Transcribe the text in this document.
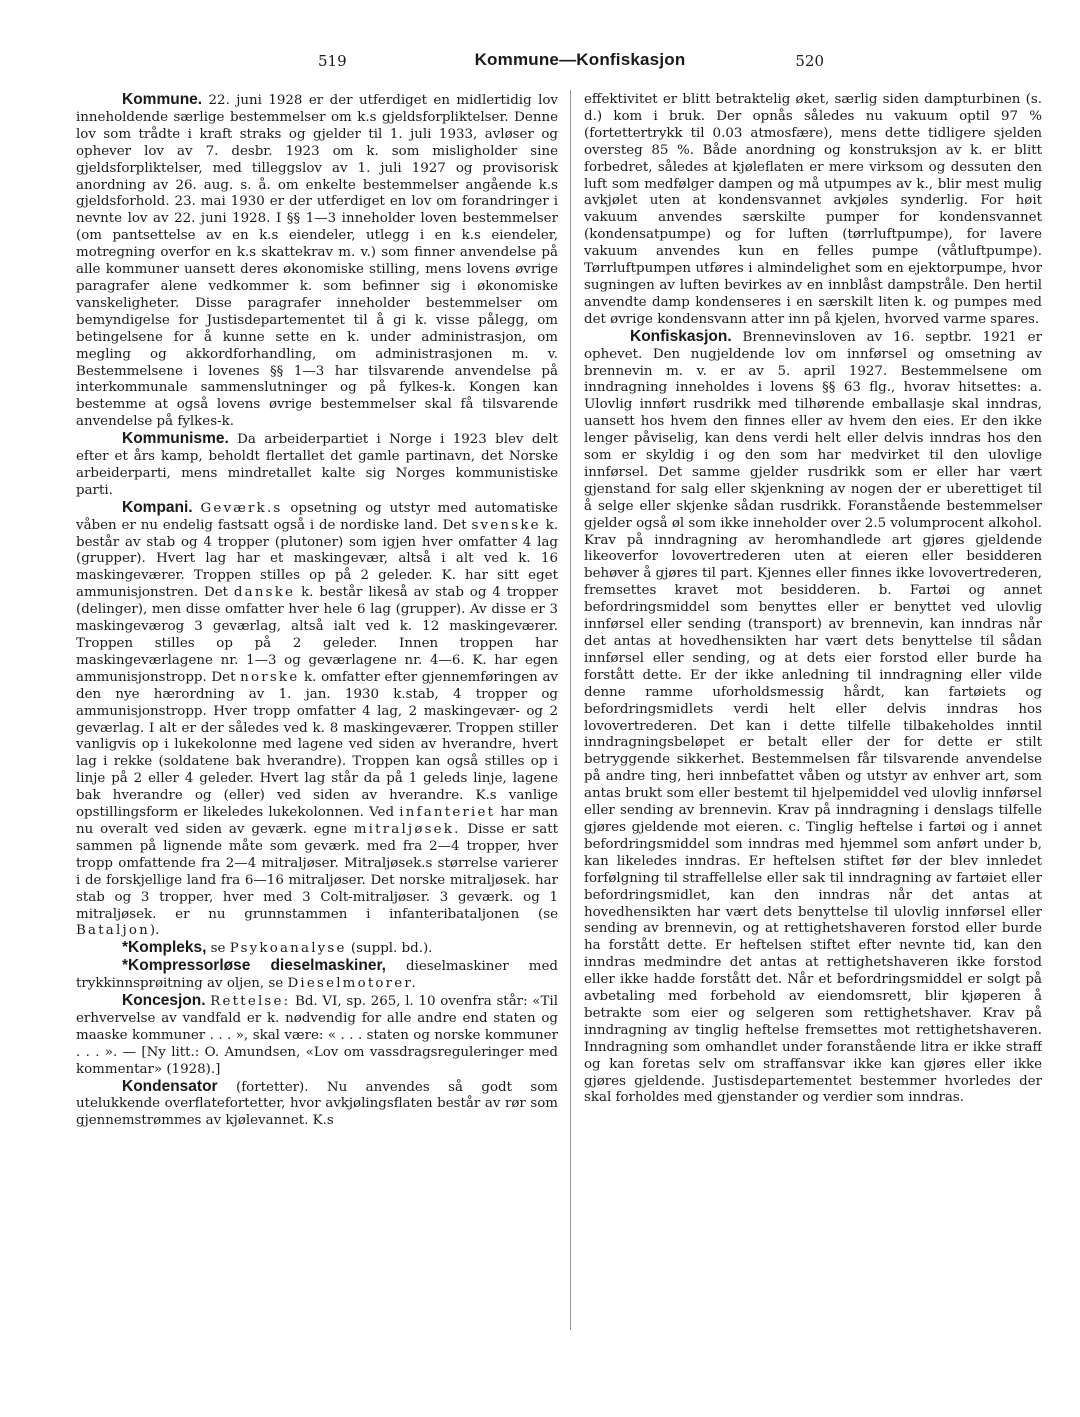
519	Kommune—Konfiskasjon	520

Kommune. 22. juni 1928 er der utferdiget en midlertidig lov inneholdende særlige bestemmelser om k.s gjeldsforpliktelser. Denne lov som trådte i kraft straks og gjelder til 1. juli 1933, avløser og ophever lov av 7. desbr. 1923 om k. som misligholder sine gjeldsforpliktelser, med tilleggslov av 1. juli 1927 og provisorisk anordning av 26. aug. s. å. om enkelte bestemmelser angående k.s gjeldsforhold. 23. mai 1930 er der utferdiget en lov om forandringer i nevnte lov av 22. juni 1928. I §§ 1—3 inneholder loven bestemmelser (om pantsettelse av en k.s eiendeler, utlegg i en k.s eiendeler, motregning overfor en k.s skattekrav m. v.) som finner anvendelse på alle kommuner uansett deres økonomiske stilling, mens lovens øvrige paragrafer alene vedkommer k. som befinner sig i økonomiske vanskeligheter. Disse paragrafer inneholder bestemmelser om bemyndigelse for Justisdepartementet til å gi k. visse pålegg, om betingelsene for å kunne sette en k. under administrasjon, om megling og akkordforhandling, om administrasjonen m. v. Bestemmelsene i lovenes §§ 1—3 har tilsvarende anvendelse på interkommunale sammenslutninger og på fylkes-k. Kongen kan bestemme at også lovens øvrige bestemmelser skal få tilsvarende anvendelse på fylkes-k.

Kommunisme. Da arbeiderpartiet i Norge i 1923 blev delt efter et års kamp, beholdt flertallet det gamle partinavn, det Norske arbeiderparti, mens mindretallet kalte sig Norges kommunistiske parti.

Kompani. Geværk.s opsetning og utstyr med automatiske våben er nu endelig fastsatt også i de nordiske land. Det svenske k. består av stab og 4 tropper (plutoner) som igjen hver omfatter 4 lag (grupper). Hvert lag har et maskingevær, altså i alt ved k. 16 maskingeværer. Troppen stilles op på 2 geleder. K. har sitt eget ammunisjonstren. Det danske k. består likeså av stab og 4 tropper (delinger), men disse omfatter hver hele 6 lag (grupper). Av disse er 3 maskingeværog 3 geværlag, altså ialt ved k. 12 maskingeværer. Troppen stilles op på 2 geleder. Innen troppen har maskingeværlagene nr. 1—3 og geværlagene nr. 4—6. K. har egen ammunisjonstropp. Det norske k. omfatter efter gjennemføringen av den nye hærordning av 1. jan. 1930 k.stab, 4 tropper og ammunisjonstropp. Hver tropp omfatter 4 lag, 2 maskingevær- og 2 geværlag. I alt er der således ved k. 8 maskingeværer. Troppen stiller vanligvis op i lukekolonne med lagene ved siden av hverandre, hvert lag i rekke (soldatene bak hverandre). Troppen kan også stilles op i linje på 2 eller 4 geleder. Hvert lag står da på 1 geleds linje, lagene bak hverandre og (eller) ved siden av hverandre. K.s vanlige opstillingsform er likeledes lukekolonnen. Ved infanteriet har man nu overalt ved siden av geværk. egne mitraljøsek. Disse er satt sammen på lignende måte som geværk. med fra 2—4 tropper, hver tropp omfattende fra 2—4 mitraljøser. Mitraljøsek.s størrelse varierer i de forskjellige land fra 6—16 mitraljøser. Det norske mitraljøsek. har stab og 3 tropper, hver med 3 Colt-mitraljøser. 3 geværk. og 1 mitraljøsek. er nu grunnstammen i infanteribataljonen (se Bataljon).

*Kompleks, se Psykoanalyse (suppl. bd.).

*Kompressorløse dieselmaskiner, dieselmaskiner med trykkinnsprøitning av oljen, se Dieselmotorer.

Koncesjon. Rettelse: Bd. VI, sp. 265, l. 10 ovenfra står: «Til erhvervelse av vandfald er k. nødvendig for alle andre end staten og maaske kommuner . . . », skal være: « . . . staten og norske kommuner . . . ». — [Ny litt.: O. Amundsen, «Lov om vassdragsreguleringer med kommentar» (1928).]

Kondensator (fortetter). Nu anvendes så godt som utelukkende overflatefortetter, hvor avkjølingsflaten består av rør som gjennemstrømmes av kjølevannet. K.s

effektivitet er blitt betraktelig øket, særlig siden dampturbinen (s. d.) kom i bruk. Der opnås således nu vakuum optil 97 % (fortettertrykk til 0.03 atmosfære), mens dette tidligere sjelden oversteg 85 %. Både anordning og konstruksjon av k. er blitt forbedret, således at kjøleflaten er mere virksom og dessuten den luft som medfølger dampen og må utpumpes av k., blir mest mulig avkjølet uten at kondensvannet avkjøles synderlig. For høit vakuum anvendes særskilte pumper for kondensvannet (kondensatpumpe) og for luften (tørrluftpumpe), for lavere vakuum anvendes kun en felles pumpe (våtluftpumpe). Tørrluftpumpen utføres i almindelighet som en ejektorpumpe, hvor sugningen av luften bevirkes av en innblåst dampstråle. Den hertil anvendte damp kondenseres i en særskilt liten k. og pumpes med det øvrige kondensvann atter inn på kjelen, hvorved varme spares.

Konfiskasjon. Brennevinsloven av 16. septbr. 1921 er ophevet. Den nugjeldende lov om innførsel og omsetning av brennevin m. v. er av 5. april 1927. Bestemmelsene om inndragning inneholdes i lovens §§ 63 flg., hvorav hitsettes: a. Ulovlig innført rusdrikk med tilhørende emballasje skal inndras, uansett hos hvem den finnes eller av hvem den eies. Er den ikke lenger påviselig, kan dens verdi helt eller delvis inndras hos den som er skyldig i og den som har medvirket til den ulovlige innførsel. Det samme gjelder rusdrikk som er eller har vært gjenstand for salg eller skjenkning av nogen der er uberettiget til å selge eller skjenke sådan rusdrikk. Foranstående bestemmelser gjelder også øl som ikke inneholder over 2.5 volumprocent alkohol. Krav på inndragning av heromhandlede art gjøres gjeldende likeoverfor lovovertrederen uten at eieren eller besidderen behøver å gjøres til part. Kjennes eller finnes ikke lovovertrederen, fremsettes kravet mot besidderen. b. Fartøi og annet befordringsmiddel som benyttes eller er benyttet ved ulovlig innførsel eller sending (transport) av brennevin, kan inndras når det antas at hovedhensikten har vært dets benyttelse til sådan innførsel eller sending, og at dets eier forstod eller burde ha forstått dette. Er der ikke anledning til inndragning eller vilde denne ramme uforholdsmessig hårdt, kan fartøiets og befordringsmidlets verdi helt eller delvis inndras hos lovovertrederen. Det kan i dette tilfelle tilbakeholdes inntil inndragningsbeløpet er betalt eller der for dette er stilt betryggende sikkerhet. Bestemmelsen får tilsvarende anvendelse på andre ting, heri innbefattet våben og utstyr av enhver art, som antas brukt som eller bestemt til hjelpemiddel ved ulovlig innførsel eller sending av brennevin. Krav på inndragning i denslags tilfelle gjøres gjeldende mot eieren. c. Tinglig heftelse i fartøi og i annet befordringsmiddel som inndras med hjemmel som anført under b, kan likeledes inndras. Er heftelsen stiftet før der blev innledet forfølgning til straffellelse eller sak til inndragning av fartøiet eller befordringsmidlet, kan den inndras når det antas at hovedhensikten har vært dets benyttelse til ulovlig innførsel eller sending av brennevin, og at rettighetshaveren forstod eller burde ha forstått dette. Er heftelsen stiftet efter nevnte tid, kan den inndras medmindre det antas at rettighetshaveren ikke forstod eller ikke hadde forstått det. Når et befordringsmiddel er solgt på avbetaling med forbehold av eiendomsrett, blir kjøperen å betrakte som eier og selgeren som rettighetshaver. Krav på inndragning av tinglig heftelse fremsettes mot rettighetshaveren. Inndragning som omhandlet under foranstående litra er ikke straff og kan foretas selv om straffansvar ikke kan gjøres eller ikke gjøres gjeldende. Justisdepartementet bestemmer hvorledes der skal forholdes med gjenstander og verdier som inndras.
